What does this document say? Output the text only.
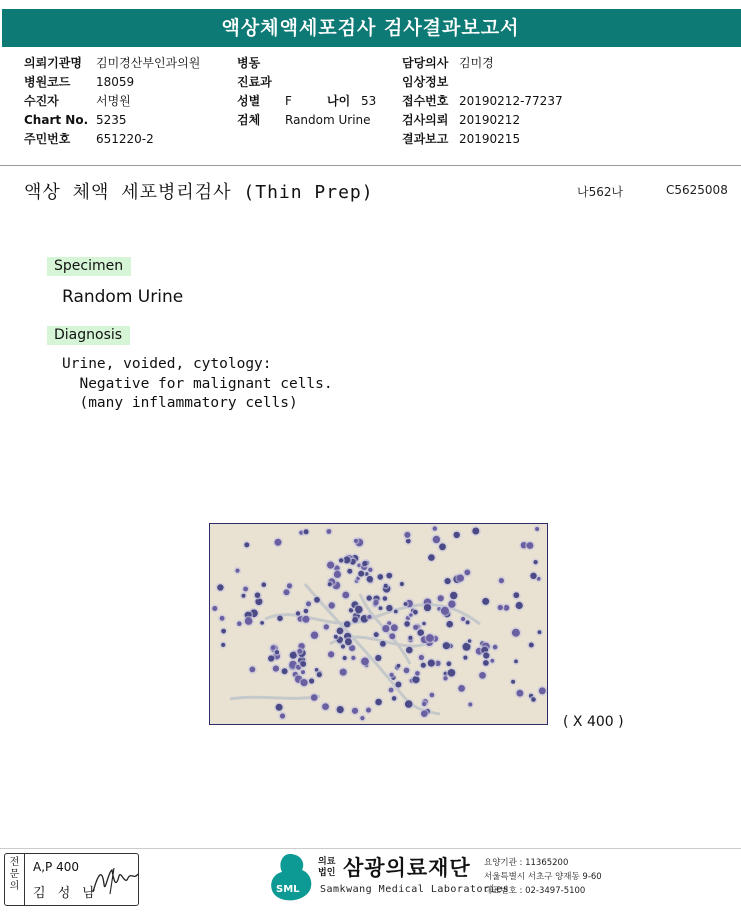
액상체액세포검사 검사결과보고서
의뢰기관명 김미경산부인과의원
병원코드 18059
수진자	서명원
Chart No. 5235
주민번호 651220-2
병동
진료과
성별 F	나이 53
검체 Random Urine
담당의사 김미경
임상정보
접수번호 20190212-77237
검사의뢰 20190212
결과보고 20190215
액상 체액 세포병리검사 (Thin Prep)	나562나	C5625008
Specimen
Random Urine
Diagnosis
Urine, voided, cytology:
Negative for malignant cells.
(many inflammatory cells)
( X 400 )
전
문
의
A,P 400
김 성 남	SML
의료
법인 삼광의료재단
Samkwang Medical Laboratories
요양기관 : 11365200
서울특별시 서초구 양재동 9-60
대표번호 : 02-3497-5100
